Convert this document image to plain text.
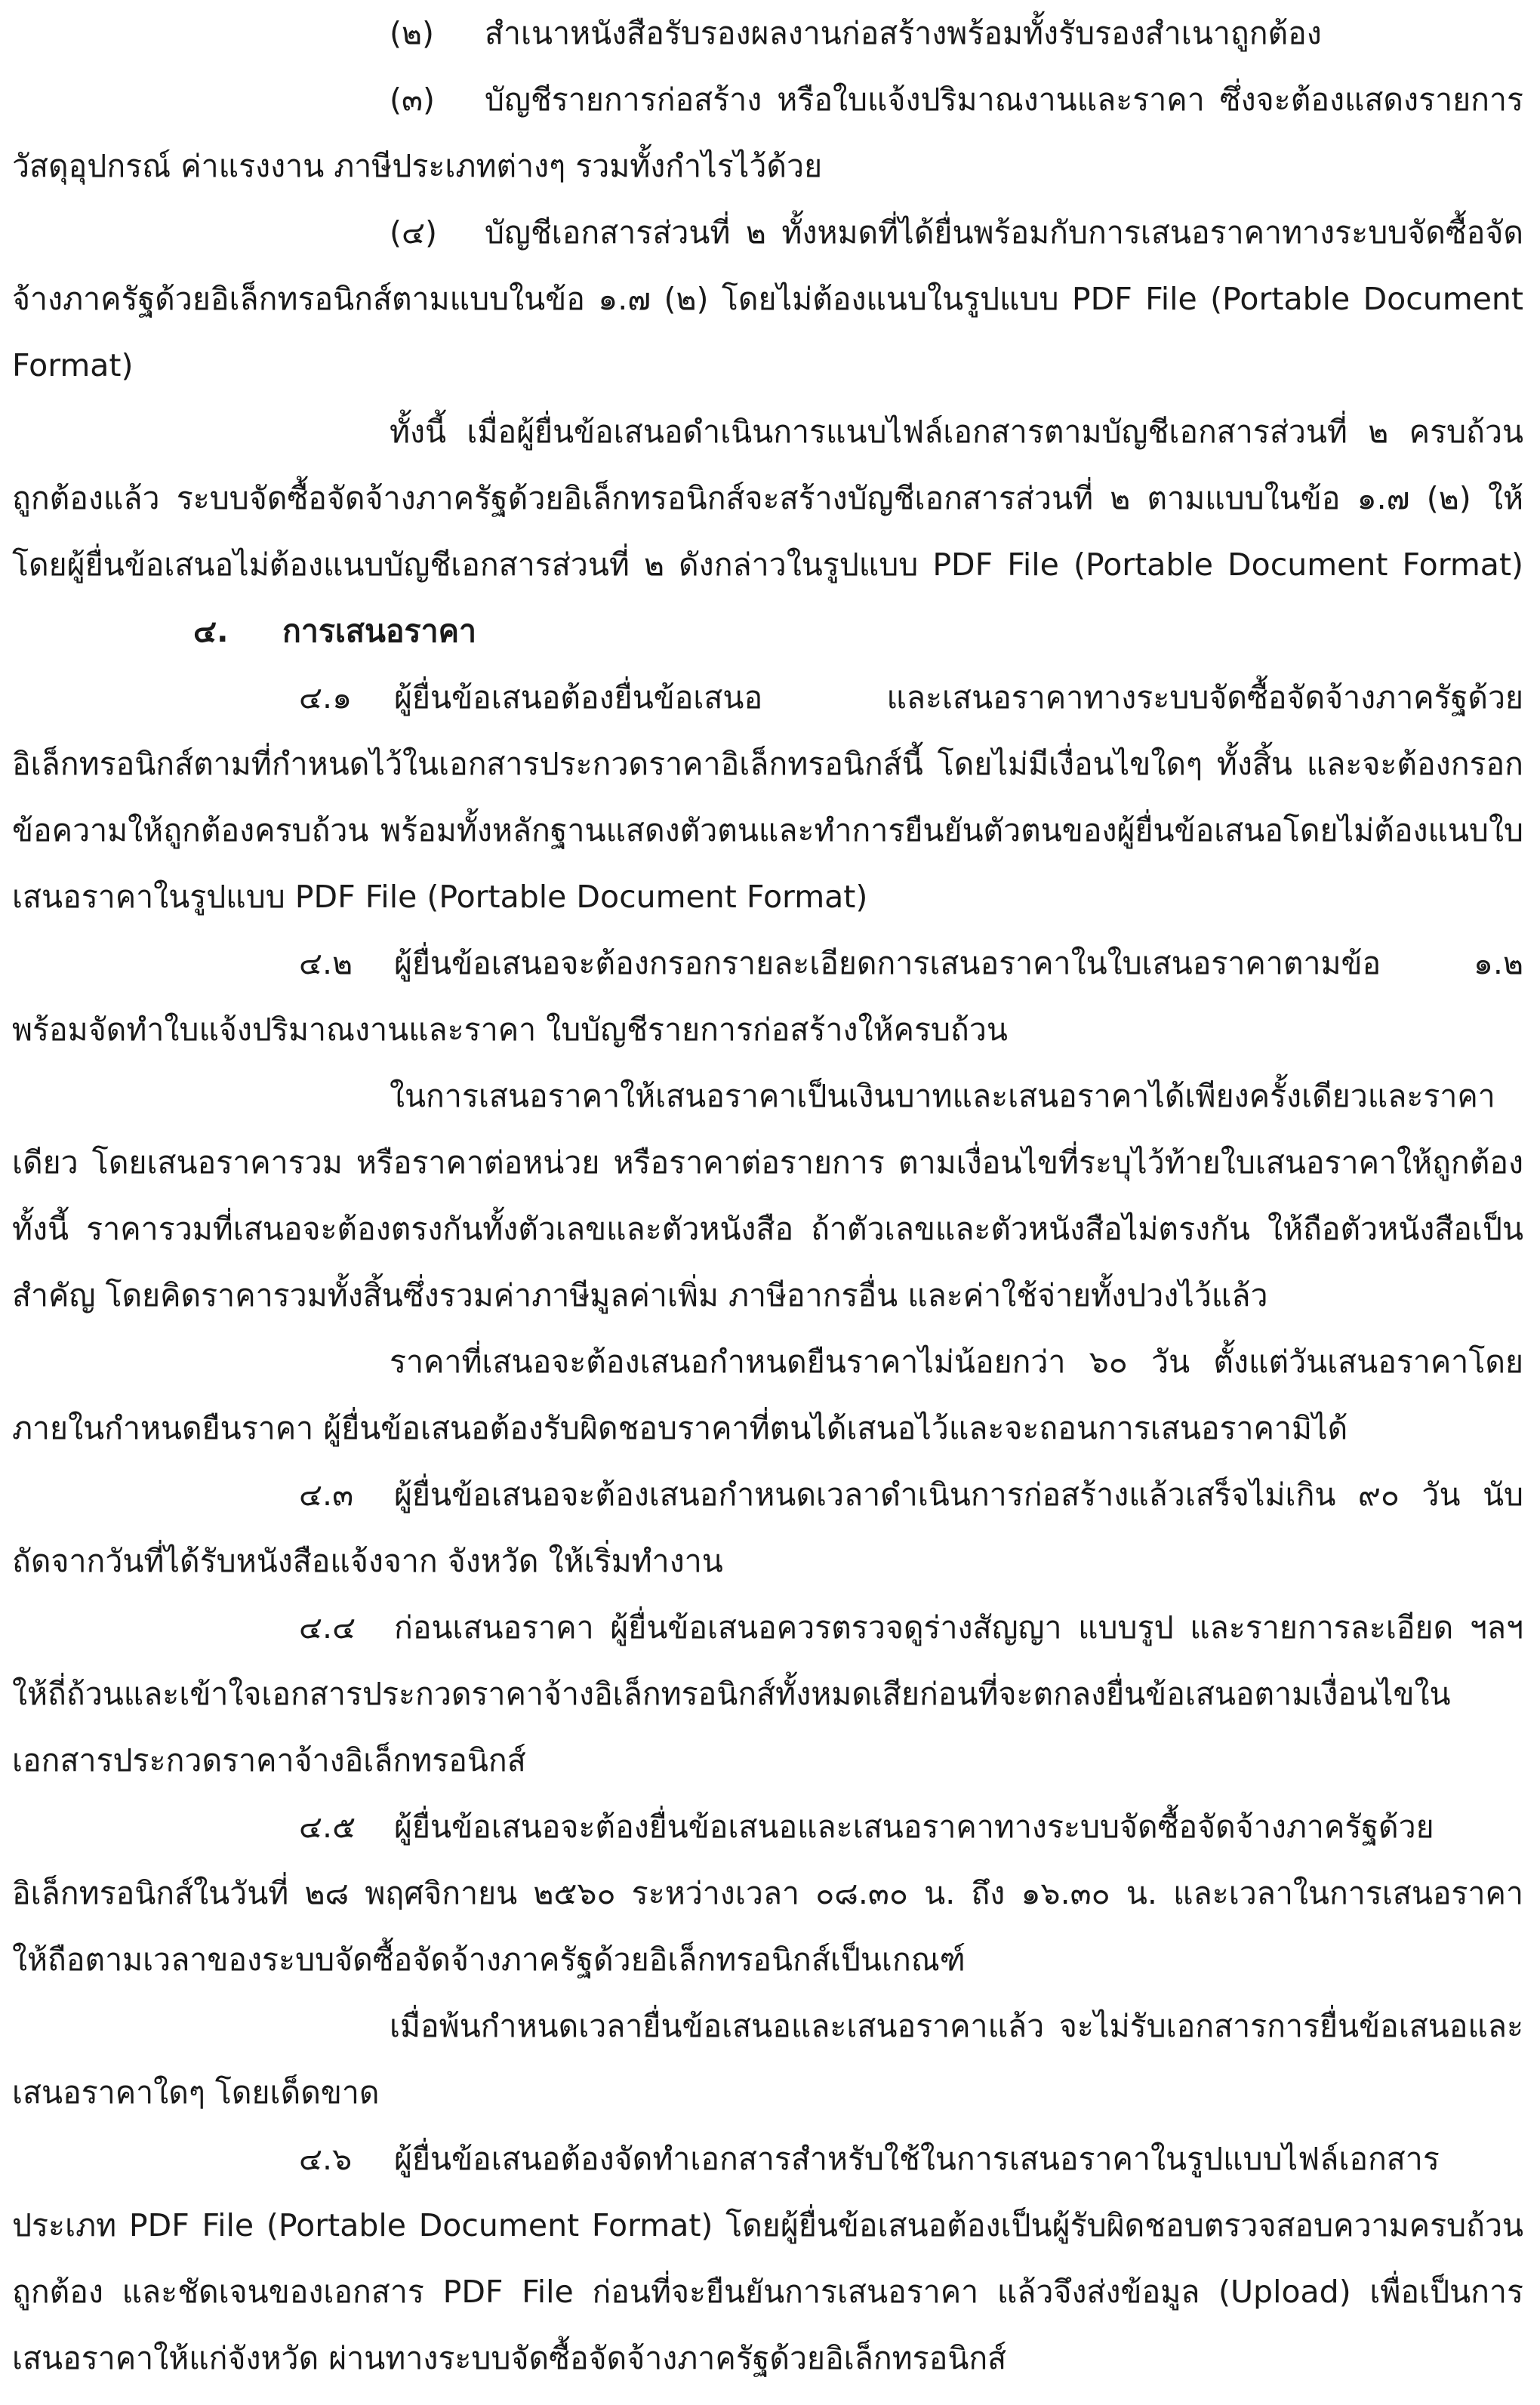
(๒) สำเนาหนังสือรับรองผลงานก่อสร้างพร้อมทั้งรับรองสำเนาถูกต้อง
(๓) บัญชีรายการก่อสร้าง หรือใบแจ้งปริมาณงานและราคา ซึ่งจะต้องแสดงรายการ
วัสดุอุปกรณ์ ค่าแรงงาน ภาษีประเภทต่างๆ รวมทั้งกำไรไว้ด้วย
(๔) บัญชีเอกสารส่วนที่ ๒ ทั้งหมดที่ได้ยื่นพร้อมกับการเสนอราคาทางระบบจัดซื้อจัด
จ้างภาครัฐด้วยอิเล็กทรอนิกส์ตามแบบในข้อ ๑.๗ (๒) โดยไม่ต้องแนบในรูปแบบ PDF File (Portable Document
Format)
ทั้งนี้ เมื่อผู้ยื่นข้อเสนอดำเนินการแนบไฟล์เอกสารตามบัญชีเอกสารส่วนที่ ๒ ครบถ้วน
ถูกต้องแล้ว ระบบจัดซื้อจัดจ้างภาครัฐด้วยอิเล็กทรอนิกส์จะสร้างบัญชีเอกสารส่วนที่ ๒ ตามแบบในข้อ ๑.๗ (๒) ให้
โดยผู้ยื่นข้อเสนอไม่ต้องแนบบัญชีเอกสารส่วนที่ ๒ ดังกล่าวในรูปแบบ PDF File (Portable Document Format)
๔. การเสนอราคา
๔.๑ ผู้ยื่นข้อเสนอต้องยื่นข้อเสนอ และเสนอราคาทางระบบจัดซื้อจัดจ้างภาครัฐด้วย
อิเล็กทรอนิกส์ตามที่กำหนดไว้ในเอกสารประกวดราคาอิเล็กทรอนิกส์นี้ โดยไม่มีเงื่อนไขใดๆ ทั้งสิ้น และจะต้องกรอก
ข้อความให้ถูกต้องครบถ้วน พร้อมทั้งหลักฐานแสดงตัวตนและทำการยืนยันตัวตนของผู้ยื่นข้อเสนอโดยไม่ต้องแนบใบ
เสนอราคาในรูปแบบ PDF File (Portable Document Format)
๔.๒ ผู้ยื่นข้อเสนอจะต้องกรอกรายละเอียดการเสนอราคาในใบเสนอราคาตามข้อ ๑.๒
พร้อมจัดทำใบแจ้งปริมาณงานและราคา ใบบัญชีรายการก่อสร้างให้ครบถ้วน
ในการเสนอราคาให้เสนอราคาเป็นเงินบาทและเสนอราคาได้เพียงครั้งเดียวและราคา
เดียว โดยเสนอราคารวม หรือราคาต่อหน่วย หรือราคาต่อรายการ ตามเงื่อนไขที่ระบุไว้ท้ายใบเสนอราคาให้ถูกต้อง
ทั้งนี้ ราคารวมที่เสนอจะต้องตรงกันทั้งตัวเลขและตัวหนังสือ ถ้าตัวเลขและตัวหนังสือไม่ตรงกัน ให้ถือตัวหนังสือเป็น
สำคัญ โดยคิดราคารวมทั้งสิ้นซึ่งรวมค่าภาษีมูลค่าเพิ่ม ภาษีอากรอื่น และค่าใช้จ่ายทั้งปวงไว้แล้ว
ราคาที่เสนอจะต้องเสนอกำหนดยืนราคาไม่น้อยกว่า ๖๐ วัน ตั้งแต่วันเสนอราคาโดย
ภายในกำหนดยืนราคา ผู้ยื่นข้อเสนอต้องรับผิดชอบราคาที่ตนได้เสนอไว้และจะถอนการเสนอราคามิได้
๔.๓ ผู้ยื่นข้อเสนอจะต้องเสนอกำหนดเวลาดำเนินการก่อสร้างแล้วเสร็จไม่เกิน ๙๐ วัน นับ
ถัดจากวันที่ได้รับหนังสือแจ้งจาก จังหวัด ให้เริ่มทำงาน
๔.๔ ก่อนเสนอราคา ผู้ยื่นข้อเสนอควรตรวจดูร่างสัญญา แบบรูป และรายการละเอียด ฯลฯ
ให้ถี่ถ้วนและเข้าใจเอกสารประกวดราคาจ้างอิเล็กทรอนิกส์ทั้งหมดเสียก่อนที่จะตกลงยื่นข้อเสนอตามเงื่อนไขใน
เอกสารประกวดราคาจ้างอิเล็กทรอนิกส์
๔.๕ ผู้ยื่นข้อเสนอจะต้องยื่นข้อเสนอและเสนอราคาทางระบบจัดซื้อจัดจ้างภาครัฐด้วย
อิเล็กทรอนิกส์ในวันที่ ๒๘ พฤศจิกายน ๒๕๖๐ ระหว่างเวลา ๐๘.๓๐ น. ถึง ๑๖.๓๐ น. และเวลาในการเสนอราคา
ให้ถือตามเวลาของระบบจัดซื้อจัดจ้างภาครัฐด้วยอิเล็กทรอนิกส์เป็นเกณฑ์
เมื่อพ้นกำหนดเวลายื่นข้อเสนอและเสนอราคาแล้ว จะไม่รับเอกสารการยื่นข้อเสนอและ
เสนอราคาใดๆ โดยเด็ดขาด
๔.๖ ผู้ยื่นข้อเสนอต้องจัดทำเอกสารสำหรับใช้ในการเสนอราคาในรูปแบบไฟล์เอกสาร
ประเภท PDF File (Portable Document Format) โดยผู้ยื่นข้อเสนอต้องเป็นผู้รับผิดชอบตรวจสอบความครบถ้วน
ถูกต้อง และชัดเจนของเอกสาร PDF File ก่อนที่จะยืนยันการเสนอราคา แล้วจึงส่งข้อมูล (Upload) เพื่อเป็นการ
เสนอราคาให้แก่จังหวัด ผ่านทางระบบจัดซื้อจัดจ้างภาครัฐด้วยอิเล็กทรอนิกส์
